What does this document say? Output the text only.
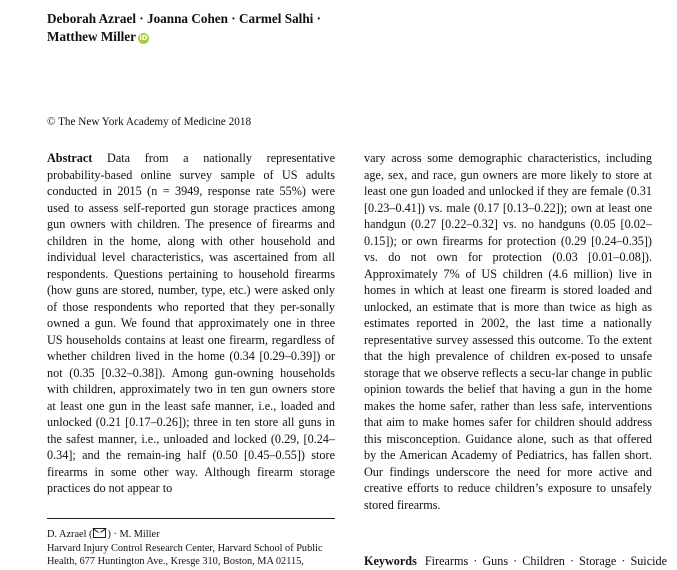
Deborah Azrael · Joanna Cohen · Carmel Salhi ·
Matthew Miller iD
© The New York Academy of Medicine 2018
Abstract Data from a nationally representative probability-based online survey sample of US adults conducted in 2015 (n = 3949, response rate 55%) were used to assess self-reported gun storage practices among gun owners with children. The presence of firearms and children in the home, along with other household and individual level characteristics, was ascertained from all respondents. Questions pertaining to household firearms (how guns are stored, number, type, etc.) were asked only of those respondents who reported that they per-sonally owned a gun. We found that approximately one in three US households contains at least one firearm, regardless of whether children lived in the home (0.34 [0.29–0.39]) or not (0.35 [0.32–0.38]). Among gun-owning households with children, approximately two in ten gun owners store at least one gun in the least safe manner, i.e., loaded and unlocked (0.21 [0.17–0.26]); three in ten store all guns in the safest manner, i.e., unloaded and locked (0.29, [0.24–0.34]; and the remain-ing half (0.50 [0.45–0.55]) store firearms in some other way. Although firearm storage practices do not appear to
vary across some demographic characteristics, including age, sex, and race, gun owners are more likely to store at least one gun loaded and unlocked if they are female (0.31 [0.23–0.41]) vs. male (0.17 [0.13–0.22]); own at least one handgun (0.27 [0.22–0.32] vs. no handguns (0.05 [0.02–0.15]); or own firearms for protection (0.29 [0.24–0.35]) vs. do not own for protection (0.03 [0.01–0.08]). Approximately 7% of US children (4.6 million) live in homes in which at least one firearm is stored loaded and unlocked, an estimate that is more than twice as high as estimates reported in 2002, the last time a nationally representative survey assessed this outcome. To the extent that the high prevalence of children ex-posed to unsafe storage that we observe reflects a secu-lar change in public opinion towards the belief that having a gun in the home makes the home safer, rather than less safe, interventions that aim to make homes safer for children should address this misconception. Guidance alone, such as that offered by the American Academy of Pediatrics, has fallen short. Our findings underscore the need for more active and creative efforts to reduce children’s exposure to unsafely stored firearms.
D. Azrael ( ) · M. Miller
Harvard Injury Control Research Center, Harvard School of Public Health, 677 Huntington Ave., Kresge 310, Boston, MA 02115,	Keywords Firearms · Guns · Children · Storage · Suicide
